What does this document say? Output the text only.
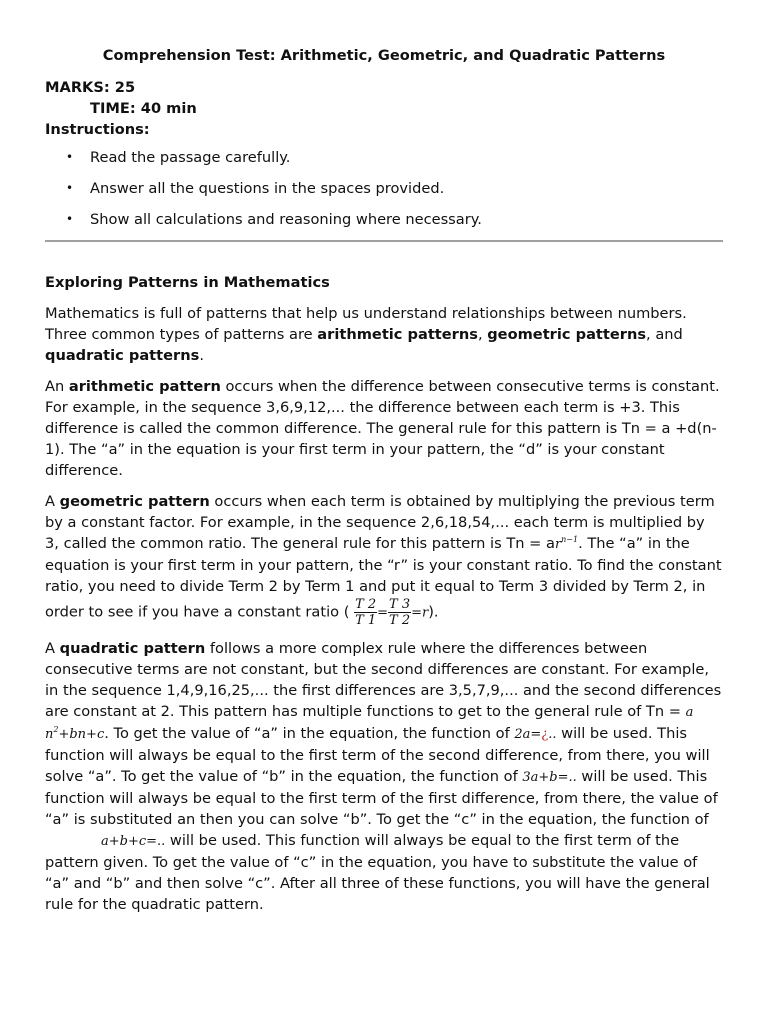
Comprehension Test: Arithmetic, Geometric, and Quadratic Patterns
MARKS: 25
TIME: 40 min
Instructions:
• Read the passage carefully.
• Answer all the questions in the spaces provided.
• Show all calculations and reasoning where necessary.
Exploring Patterns in Mathematics

Mathematics is full of patterns that help us understand relationships between numbers. Three common types of patterns are arithmetic patterns, geometric patterns, and quadratic patterns.

An arithmetic pattern occurs when the difference between consecutive terms is constant. For example, in the sequence 3,6,9,12,... the difference between each term is +3. This difference is called the common difference. The general rule for this pattern is Tn = a +d(n-1). The “a” in the equation is your first term in your pattern, the “d” is your constant difference.

A geometric pattern occurs when each term is obtained by multiplying the previous term by a constant factor. For example, in the sequence 2,6,18,54,... each term is multiplied by 3, called the common ratio. The general rule for this pattern is $Tn = ar^{n-1}$. The “a” in the equation is your first term in your pattern, the “r” is your constant ratio. To find the constant ratio, you need to divide Term 2 by Term 1 and put it equal to Term 3 divided by Term 2, in order to see if you have a constant ratio ( $\frac{T 2}{T 1} = \frac{T 3}{T 2} =r$).

A quadratic pattern follows a more complex rule where the differences between consecutive terms are not constant, but the second differences are constant. For example, in the sequence 1,4,9,16,25,... the first differences are 3,5,7,9,... and the second differences are constant at 2. This pattern has multiple functions to get to the general rule of Tn = a $n^2+bn+c$. To get the value of “a” in the equation, the function of 2a=¿.. will be used. This function will always be equal to the first term of the second difference, from there, you will solve “a”. To get the value of “b” in the equation, the function of 3a+b=.. will be used. This function will always be equal to the first term of the first difference, from there, the value of “a” is substituted an then you can solve “b”. To get the “c” in the equation, the function of a+b+c=.. will be used. This function will always be equal to the first term of the pattern given. To get the value of “c” in the equation, you have to substitute the value of “a” and “b” and then solve “c”. After all three of these functions, you will have the general rule for the quadratic pattern.
